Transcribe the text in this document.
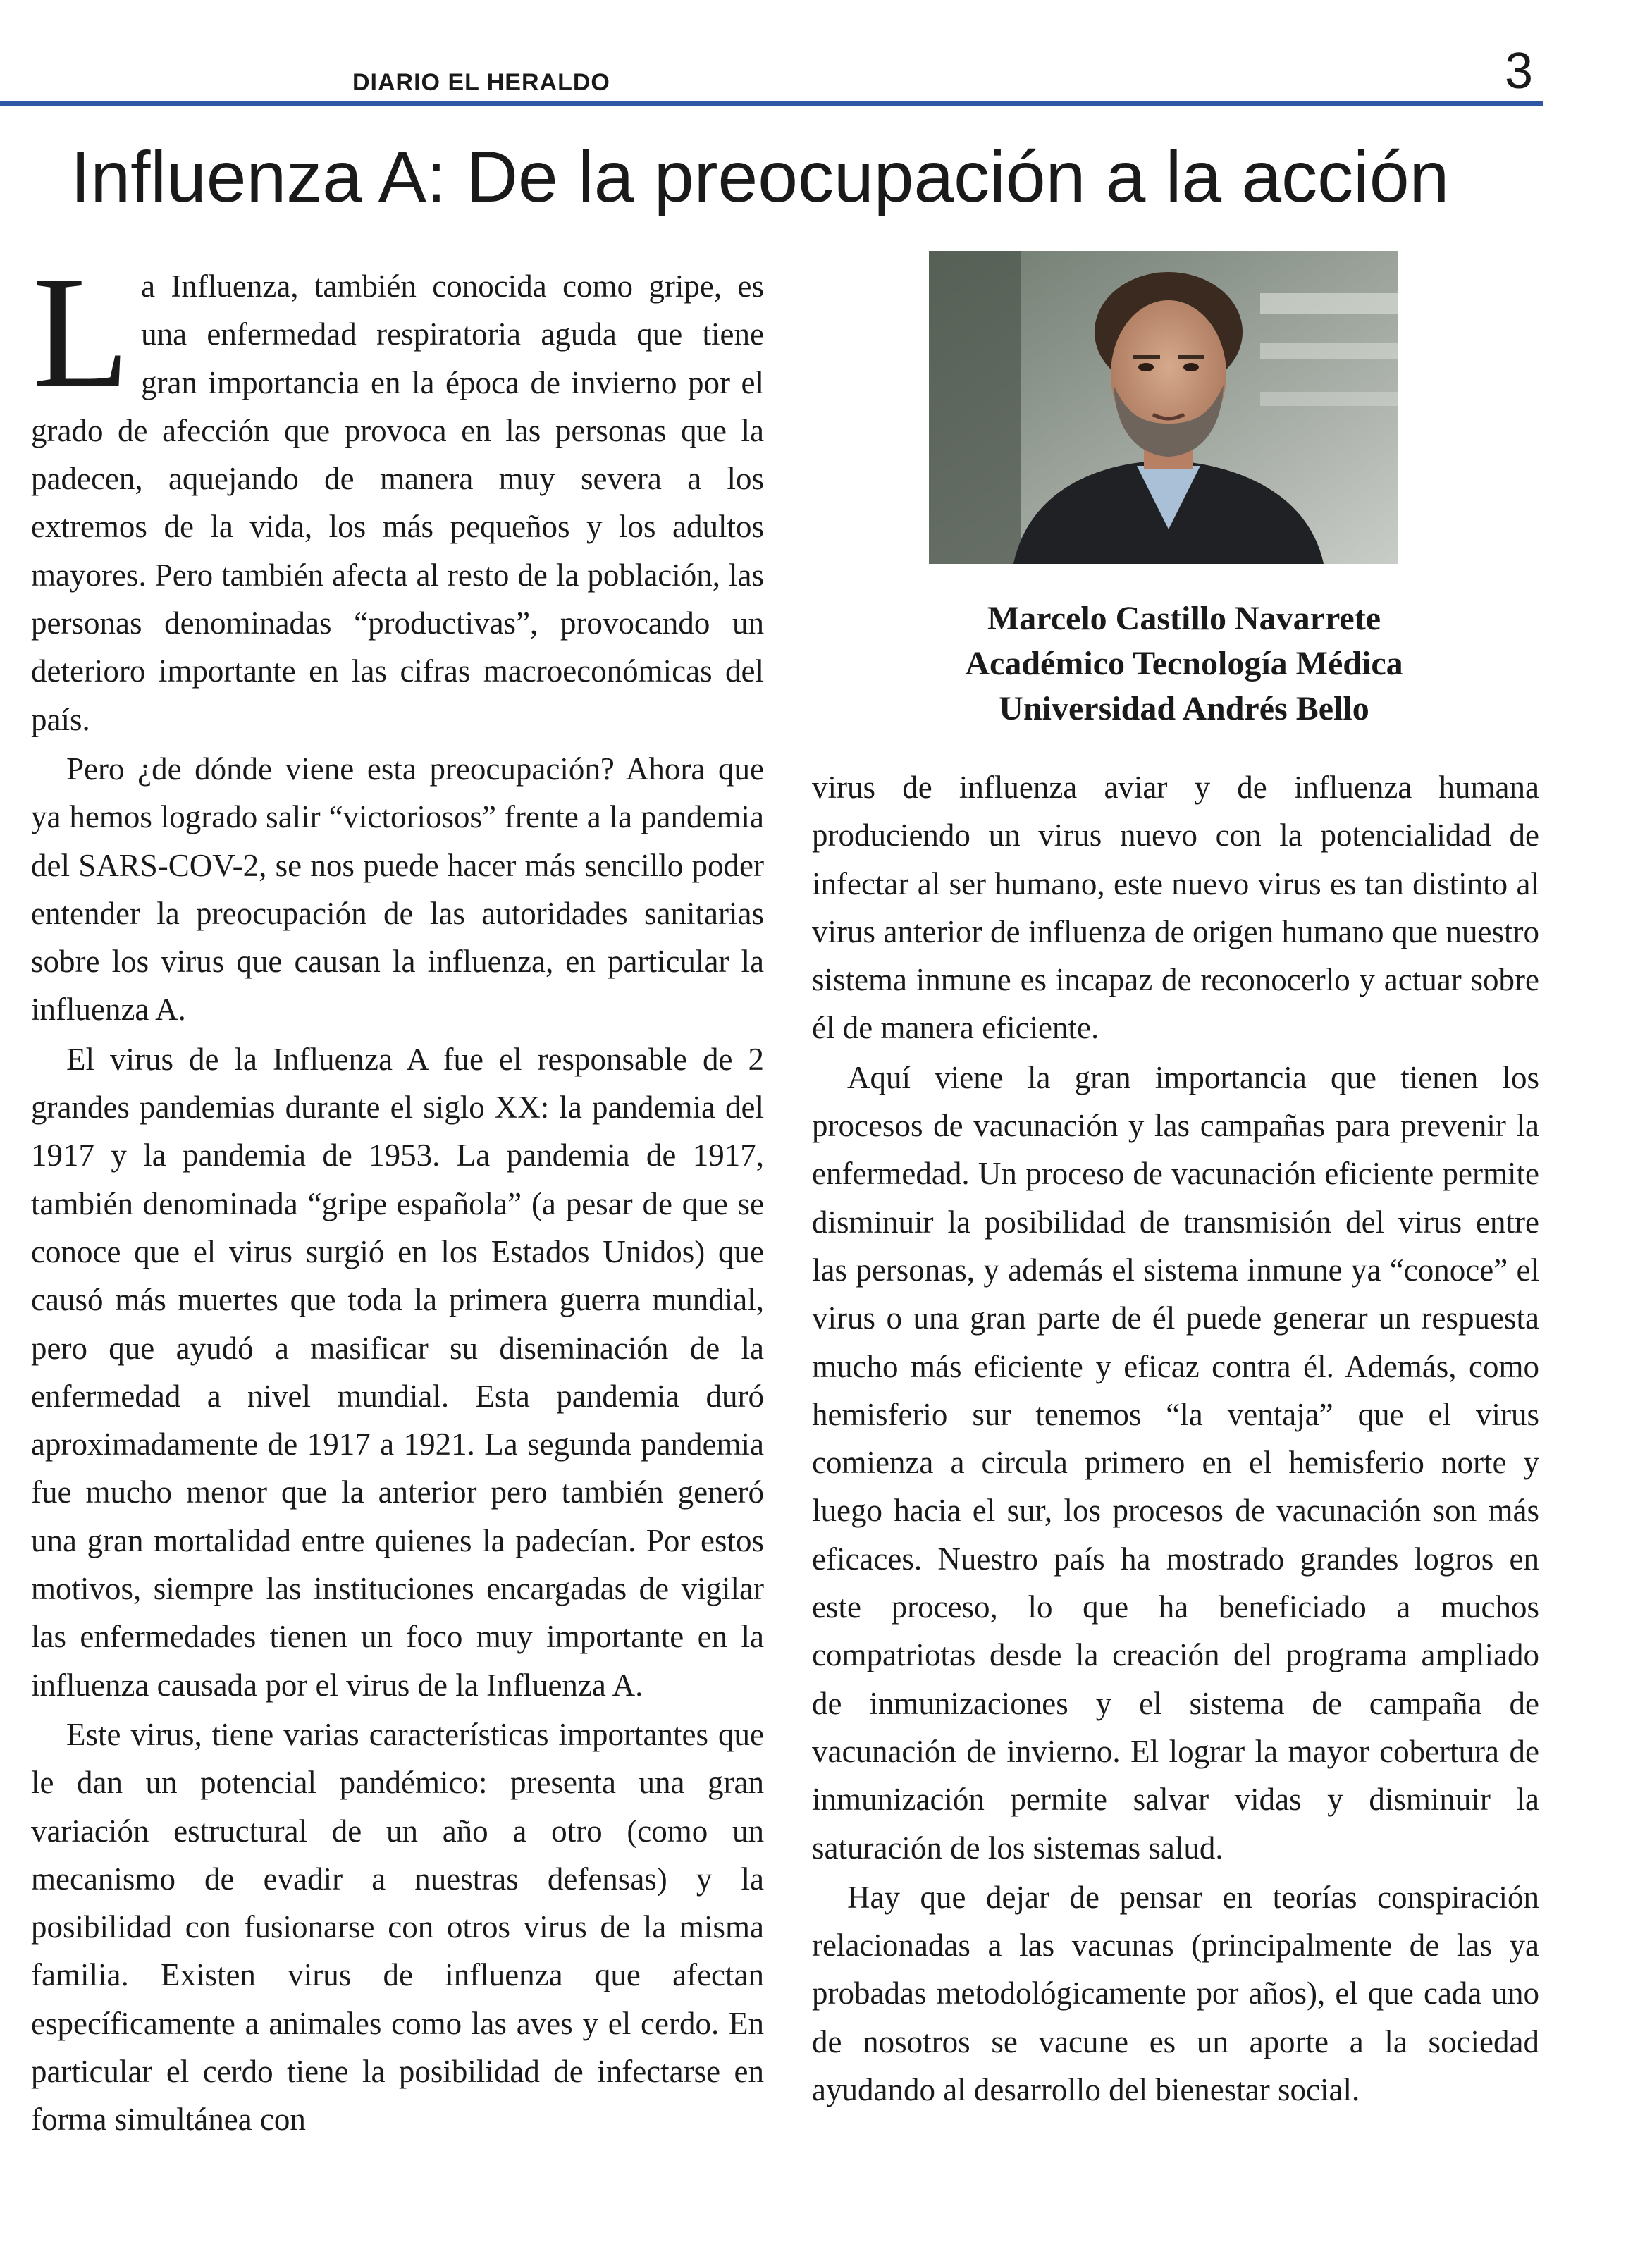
DIARIO EL HERALDO	3
Influenza A: De la preocupación a la acción

La Influenza, también conocida como gripe, es una enfermedad respiratoria aguda que tiene gran importancia en la época de invierno por el grado de afección que provoca en las personas que la padecen, aquejando de manera muy severa a los extremos de la vida, los más pequeños y los adultos mayores. Pero también afecta al resto de la población, las personas denominadas “productivas”, provocando un deterioro importante en las cifras macroeconómicas del país.

Pero ¿de dónde viene esta preocupación? Ahora que ya hemos logrado salir “victoriosos” frente a la pandemia del SARS-COV-2, se nos puede hacer más sencillo poder entender la preocupación de las autoridades sanitarias sobre los virus que causan la influenza, en particular la influenza A.

El virus de la Influenza A fue el responsable de 2 grandes pandemias durante el siglo XX: la pandemia del 1917 y la pandemia de 1953. La pandemia de 1917, también denominada “gripe española” (a pesar de que se conoce que el virus surgió en los Estados Unidos) que causó más muertes que toda la primera guerra mundial, pero que ayudó a masificar su diseminación de la enfermedad a nivel mundial. Esta pandemia duró aproximadamente de 1917 a 1921. La segunda pandemia fue mucho menor que la anterior pero también generó una gran mortalidad entre quienes la padecían. Por estos motivos, siempre las instituciones encargadas de vigilar las enfermedades tienen un foco muy importante en la influenza causada por el virus de la Influenza A.

Este virus, tiene varias características importantes que le dan un potencial pandémico: presenta una gran variación estructural de un año a otro (como un mecanismo de evadir a nuestras defensas) y la posibilidad con fusionarse con otros virus de la misma familia. Existen virus de influenza que afectan específicamente a animales como las aves y el cerdo. En particular el cerdo tiene la posibilidad de infectarse en forma simultánea con

Marcelo Castillo Navarrete
Académico Tecnología Médica
Universidad Andrés Bello

virus de influenza aviar y de influenza humana produciendo un virus nuevo con la potencialidad de infectar al ser humano, este nuevo virus es tan distinto al virus anterior de influenza de origen humano que nuestro sistema inmune es incapaz de reconocerlo y actuar sobre él de manera eficiente.

Aquí viene la gran importancia que tienen los procesos de vacunación y las campañas para prevenir la enfermedad. Un proceso de vacunación eficiente permite disminuir la posibilidad de transmisión del virus entre las personas, y además el sistema inmune ya “conoce” el virus o una gran parte de él puede generar un respuesta mucho más eficiente y eficaz contra él. Además, como hemisferio sur tenemos “la ventaja” que el virus comienza a circula primero en el hemisferio norte y luego hacia el sur, los procesos de vacunación son más eficaces. Nuestro país ha mostrado grandes logros en este proceso, lo que ha beneficiado a muchos compatriotas desde la creación del programa ampliado de inmunizaciones y el sistema de campaña de vacunación de invierno. El lograr la mayor cobertura de inmunización permite salvar vidas y disminuir la saturación de los sistemas salud.

Hay que dejar de pensar en teorías conspiración relacionadas a las vacunas (principalmente de las ya probadas metodológicamente por años), el que cada uno de nosotros se vacune es un aporte a la sociedad ayudando al desarrollo del bienestar social.
